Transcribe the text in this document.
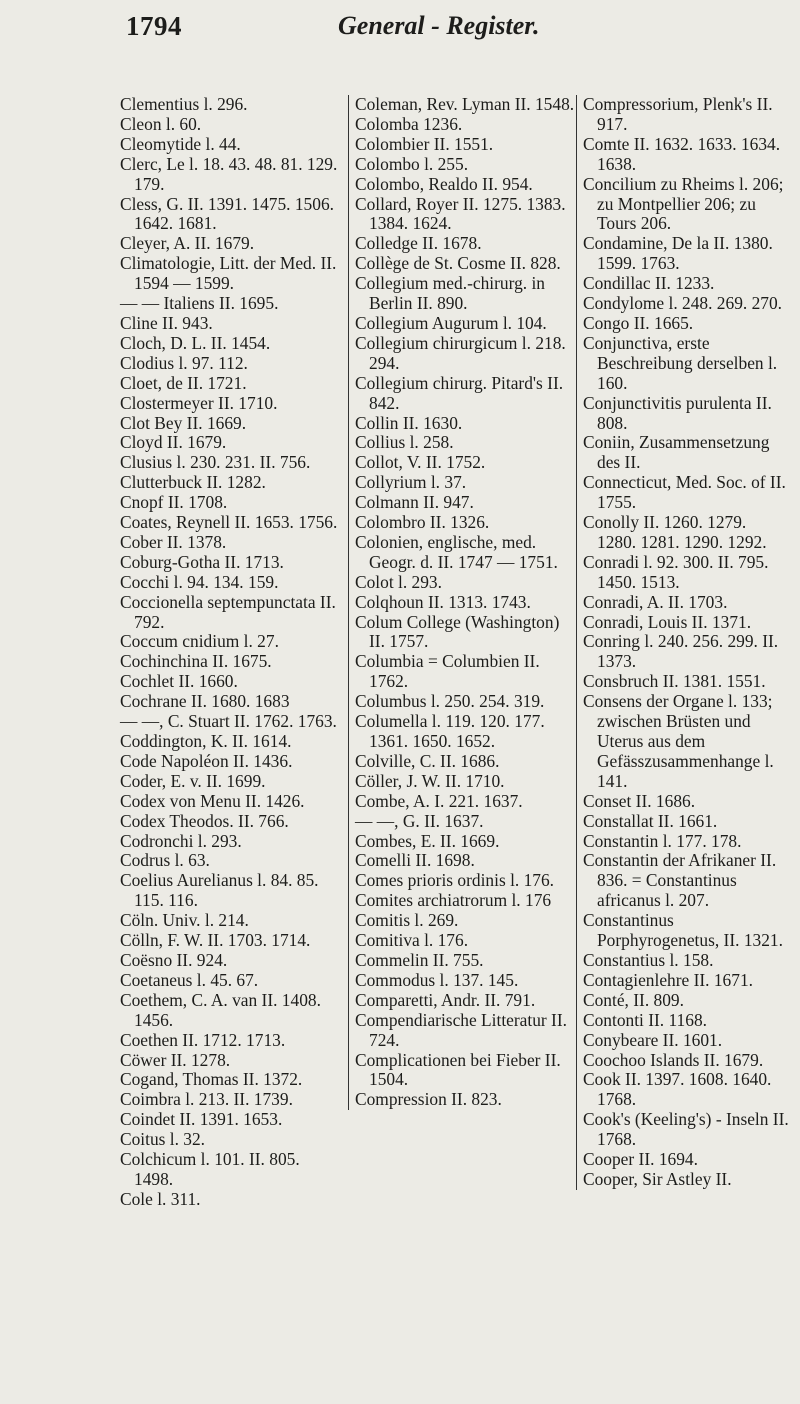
1794	General - Register.
Clementius l. 296.
Cleon l. 60.
Cleomytide l. 44.
Clerc, Le l. 18. 43. 48. 81. 129. 179.
Cless, G. II. 1391. 1475. 1506. 1642. 1681.
Cleyer, A. II. 1679.
Climatologie, Litt. der Med. II. 1594 — 1599.
— — Italiens II. 1695.
Cline II. 943.
Cloch, D. L. II. 1454.
Clodius l. 97. 112.
Cloet, de II. 1721.
Clostermeyer II. 1710.
Clot Bey II. 1669.
Cloyd II. 1679.
Clusius l. 230. 231. II. 756.
Clutterbuck II. 1282.
Cnopf II. 1708.
Coates, Reynell II. 1653. 1756.
Cober II. 1378.
Coburg-Gotha II. 1713.
Cocchi l. 94. 134. 159.
Coccionella septempunctata II. 792.
Coccum cnidium l. 27.
Cochinchina II. 1675.
Cochlet II. 1660.
Cochrane II. 1680. 1683
— —, C. Stuart II. 1762. 1763.
Coddington, K. II. 1614.
Code Napoléon II. 1436.
Coder, E. v. II. 1699.
Codex von Menu II. 1426.
Codex Theodos. II. 766.
Codronchi l. 293.
Codrus l. 63.
Coelius Aurelianus l. 84. 85. 115. 116.
Cöln. Univ. l. 214.
Cölln, F. W. II. 1703. 1714.
Coësno II. 924.
Coetaneus l. 45. 67.
Coethem, C. A. van II. 1408. 1456.
Coethen II. 1712. 1713.
Cöwer II. 1278.
Cogand, Thomas II. 1372.
Coimbra l. 213. II. 1739.
Coindet II. 1391. 1653.
Coitus l. 32.
Colchicum l. 101. II. 805. 1498.
Cole l. 311.
Coleman, Rev. Lyman II. 1548.
Colomba 1236.
Colombier II. 1551.
Colombo l. 255.
Colombo, Realdo II. 954.
Collard, Royer II. 1275. 1383. 1384. 1624.
Colledge II. 1678.
Collège de St. Cosme II. 828.
Collegium med.-chirurg. in Berlin II. 890.
Collegium Augurum l. 104.
Collegium chirurgicum l. 218. 294.
Collegium chirurg. Pitard's II. 842.
Collin II. 1630.
Collius l. 258.
Collot, V. II. 1752.
Collyrium l. 37.
Colmann II. 947.
Colombro II. 1326.
Colonien, englische, med. Geogr. d. II. 1747 — 1751.
Colot l. 293.
Colqhoun II. 1313. 1743.
Colum College (Washington) II. 1757.
Columbia = Columbien II. 1762.
Columbus l. 250. 254. 319.
Columella l. 119. 120. 177. 1361. 1650. 1652.
Colville, C. II. 1686.
Cöller, J. W. II. 1710.
Combe, A. I. 221. 1637.
— —, G. II. 1637.
Combes, E. II. 1669.
Comelli II. 1698.
Comes prioris ordinis l. 176.
Comites archiatrorum l. 176
Comitis l. 269.
Comitiva l. 176.
Commelin II. 755.
Commodus l. 137. 145.
Comparetti, Andr. II. 791.
Compendiarische Litteratur II. 724.
Complicationen bei Fieber II. 1504.
Compression II. 823.
Compressorium, Plenk's II. 917.
Comte II. 1632. 1633. 1634. 1638.
Concilium zu Rheims l. 206; zu Montpellier 206; zu Tours 206.
Condamine, De la II. 1380. 1599. 1763.
Condillac II. 1233.
Condylome l. 248. 269. 270.
Congo II. 1665.
Conjunctiva, erste Beschreibung derselben l. 160.
Conjunctivitis purulenta II. 808.
Coniin, Zusammensetzung des II.
Connecticut, Med. Soc. of II. 1755.
Conolly II. 1260. 1279. 1280. 1281. 1290. 1292.
Conradi l. 92. 300. II. 795. 1450. 1513.
Conradi, A. II. 1703.
Conradi, Louis II. 1371.
Conring l. 240. 256. 299. II. 1373.
Consbruch II. 1381. 1551.
Consens der Organe l. 133; zwischen Brüsten und Uterus aus dem Gefässzusammenhange l. 141.
Conset II. 1686.
Constallat II. 1661.
Constantin l. 177. 178.
Constantin der Afrikaner II. 836. = Constantinus africanus l. 207.
Constantinus Porphyrogenetus, II. 1321.
Constantius l. 158.
Contagienlehre II. 1671.
Conté, II. 809.
Contonti II. 1168.
Conybeare II. 1601.
Coochoo Islands II. 1679.
Cook II. 1397. 1608. 1640. 1768.
Cook's (Keeling's) - Inseln II. 1768.
Cooper II. 1694.
Cooper, Sir Astley II.
